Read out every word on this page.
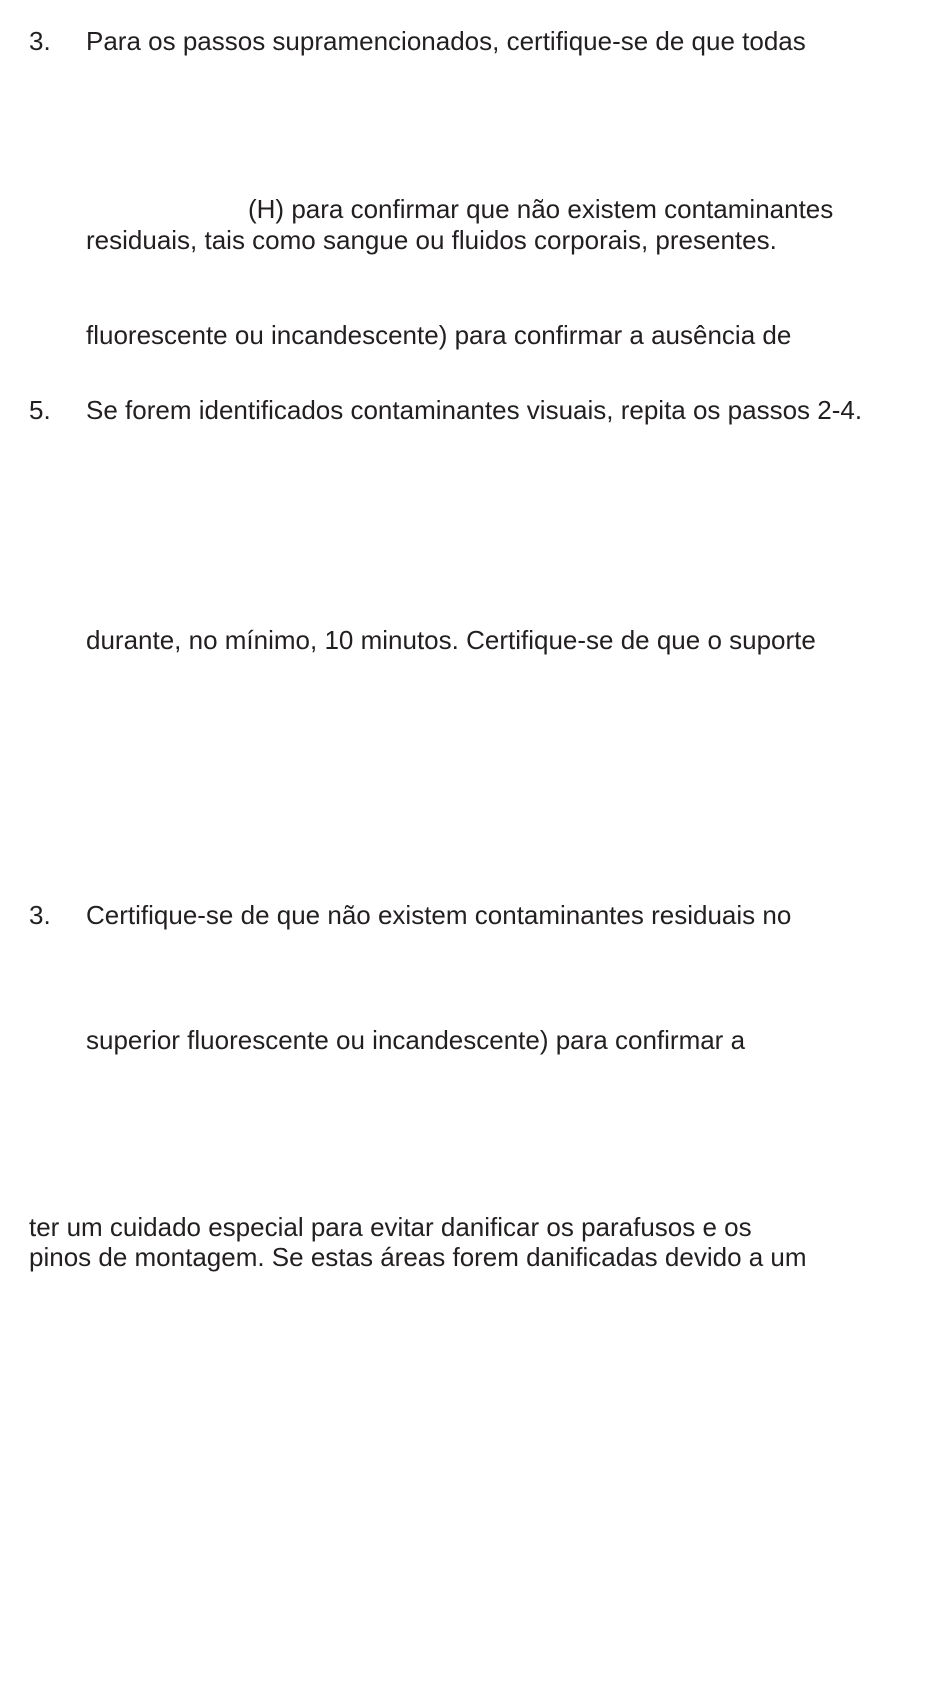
3. Para os passos supramencionados, certifique-se de que todas

(H) para confirmar que não existem contaminantes

residuais, tais como sangue ou fluidos corporais, presentes.

fluorescente ou incandescente) para confirmar a ausência de

5. Se forem identificados contaminantes visuais, repita os passos 2-4.

durante, no mínimo, 10 minutos. Certifique-se de que o suporte

3. Certifique-se de que não existem contaminantes residuais no

superior fluorescente ou incandescente) para confirmar a

ter um cuidado especial para evitar danificar os parafusos e os

pinos de montagem. Se estas áreas forem danificadas devido a um
